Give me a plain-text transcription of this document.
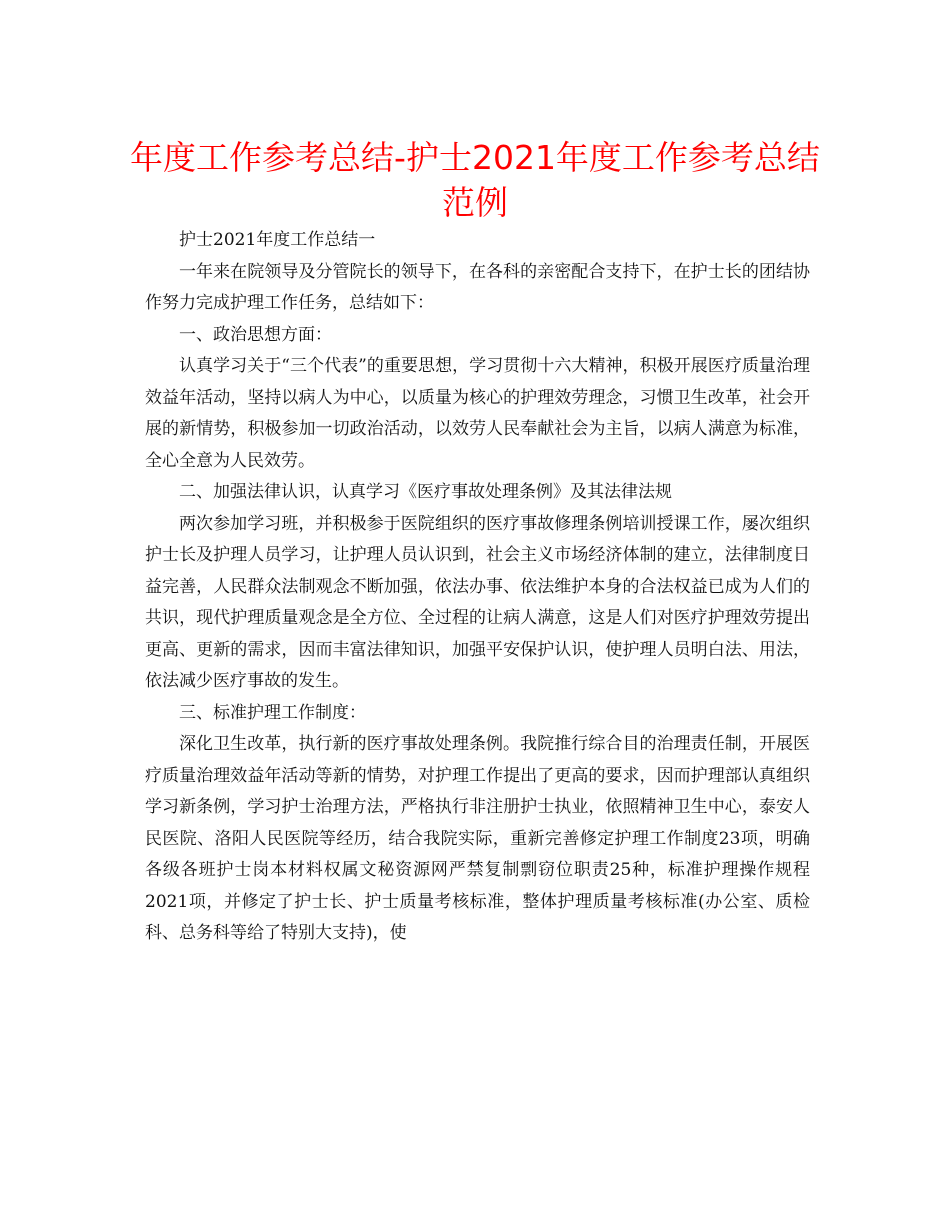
年度工作参考总结-护士2021年度工作参考总结范例

护士2021年度工作总结一

一年来在院领导及分管院长的领导下，在各科的亲密配合支持下，在护士长的团结协作努力完成护理工作任务，总结如下：

一、政治思想方面：

认真学习关于“三个代表”的重要思想，学习贯彻十六大精神，积极开展医疗质量治理效益年活动，坚持以病人为中心，以质量为核心的护理效劳理念，习惯卫生改革，社会开展的新情势，积极参加一切政治活动，以效劳人民奉献社会为主旨，以病人满意为标准，全心全意为人民效劳。

二、加强法律认识，认真学习《医疗事故处理条例》及其法律法规

两次参加学习班，并积极参于医院组织的医疗事故修理条例培训授课工作，屡次组织护士长及护理人员学习，让护理人员认识到，社会主义市场经济体制的建立，法律制度日益完善，人民群众法制观念不断加强，依法办事、依法维护本身的合法权益已成为人们的共识，现代护理质量观念是全方位、全过程的让病人满意，这是人们对医疗护理效劳提出更高、更新的需求，因而丰富法律知识，加强平安保护认识，使护理人员明白法、用法，依法减少医疗事故的发生。

三、标准护理工作制度：

深化卫生改革，执行新的医疗事故处理条例。我院推行综合目的治理责任制，开展医疗质量治理效益年活动等新的情势，对护理工作提出了更高的要求，因而护理部认真组织学习新条例，学习护士治理方法，严格执行非注册护士执业，依照精神卫生中心，泰安人民医院、洛阳人民医院等经历，结合我院实际，重新完善修定护理工作制度23项，明确各级各班护士岗本材料权属文秘资源网严禁复制剽窃位职责25种，标准护理操作规程2021项，并修定了护士长、护士质量考核标准，整体护理质量考核标准(办公室、质检科、总务科等给了特别大支持)，使
